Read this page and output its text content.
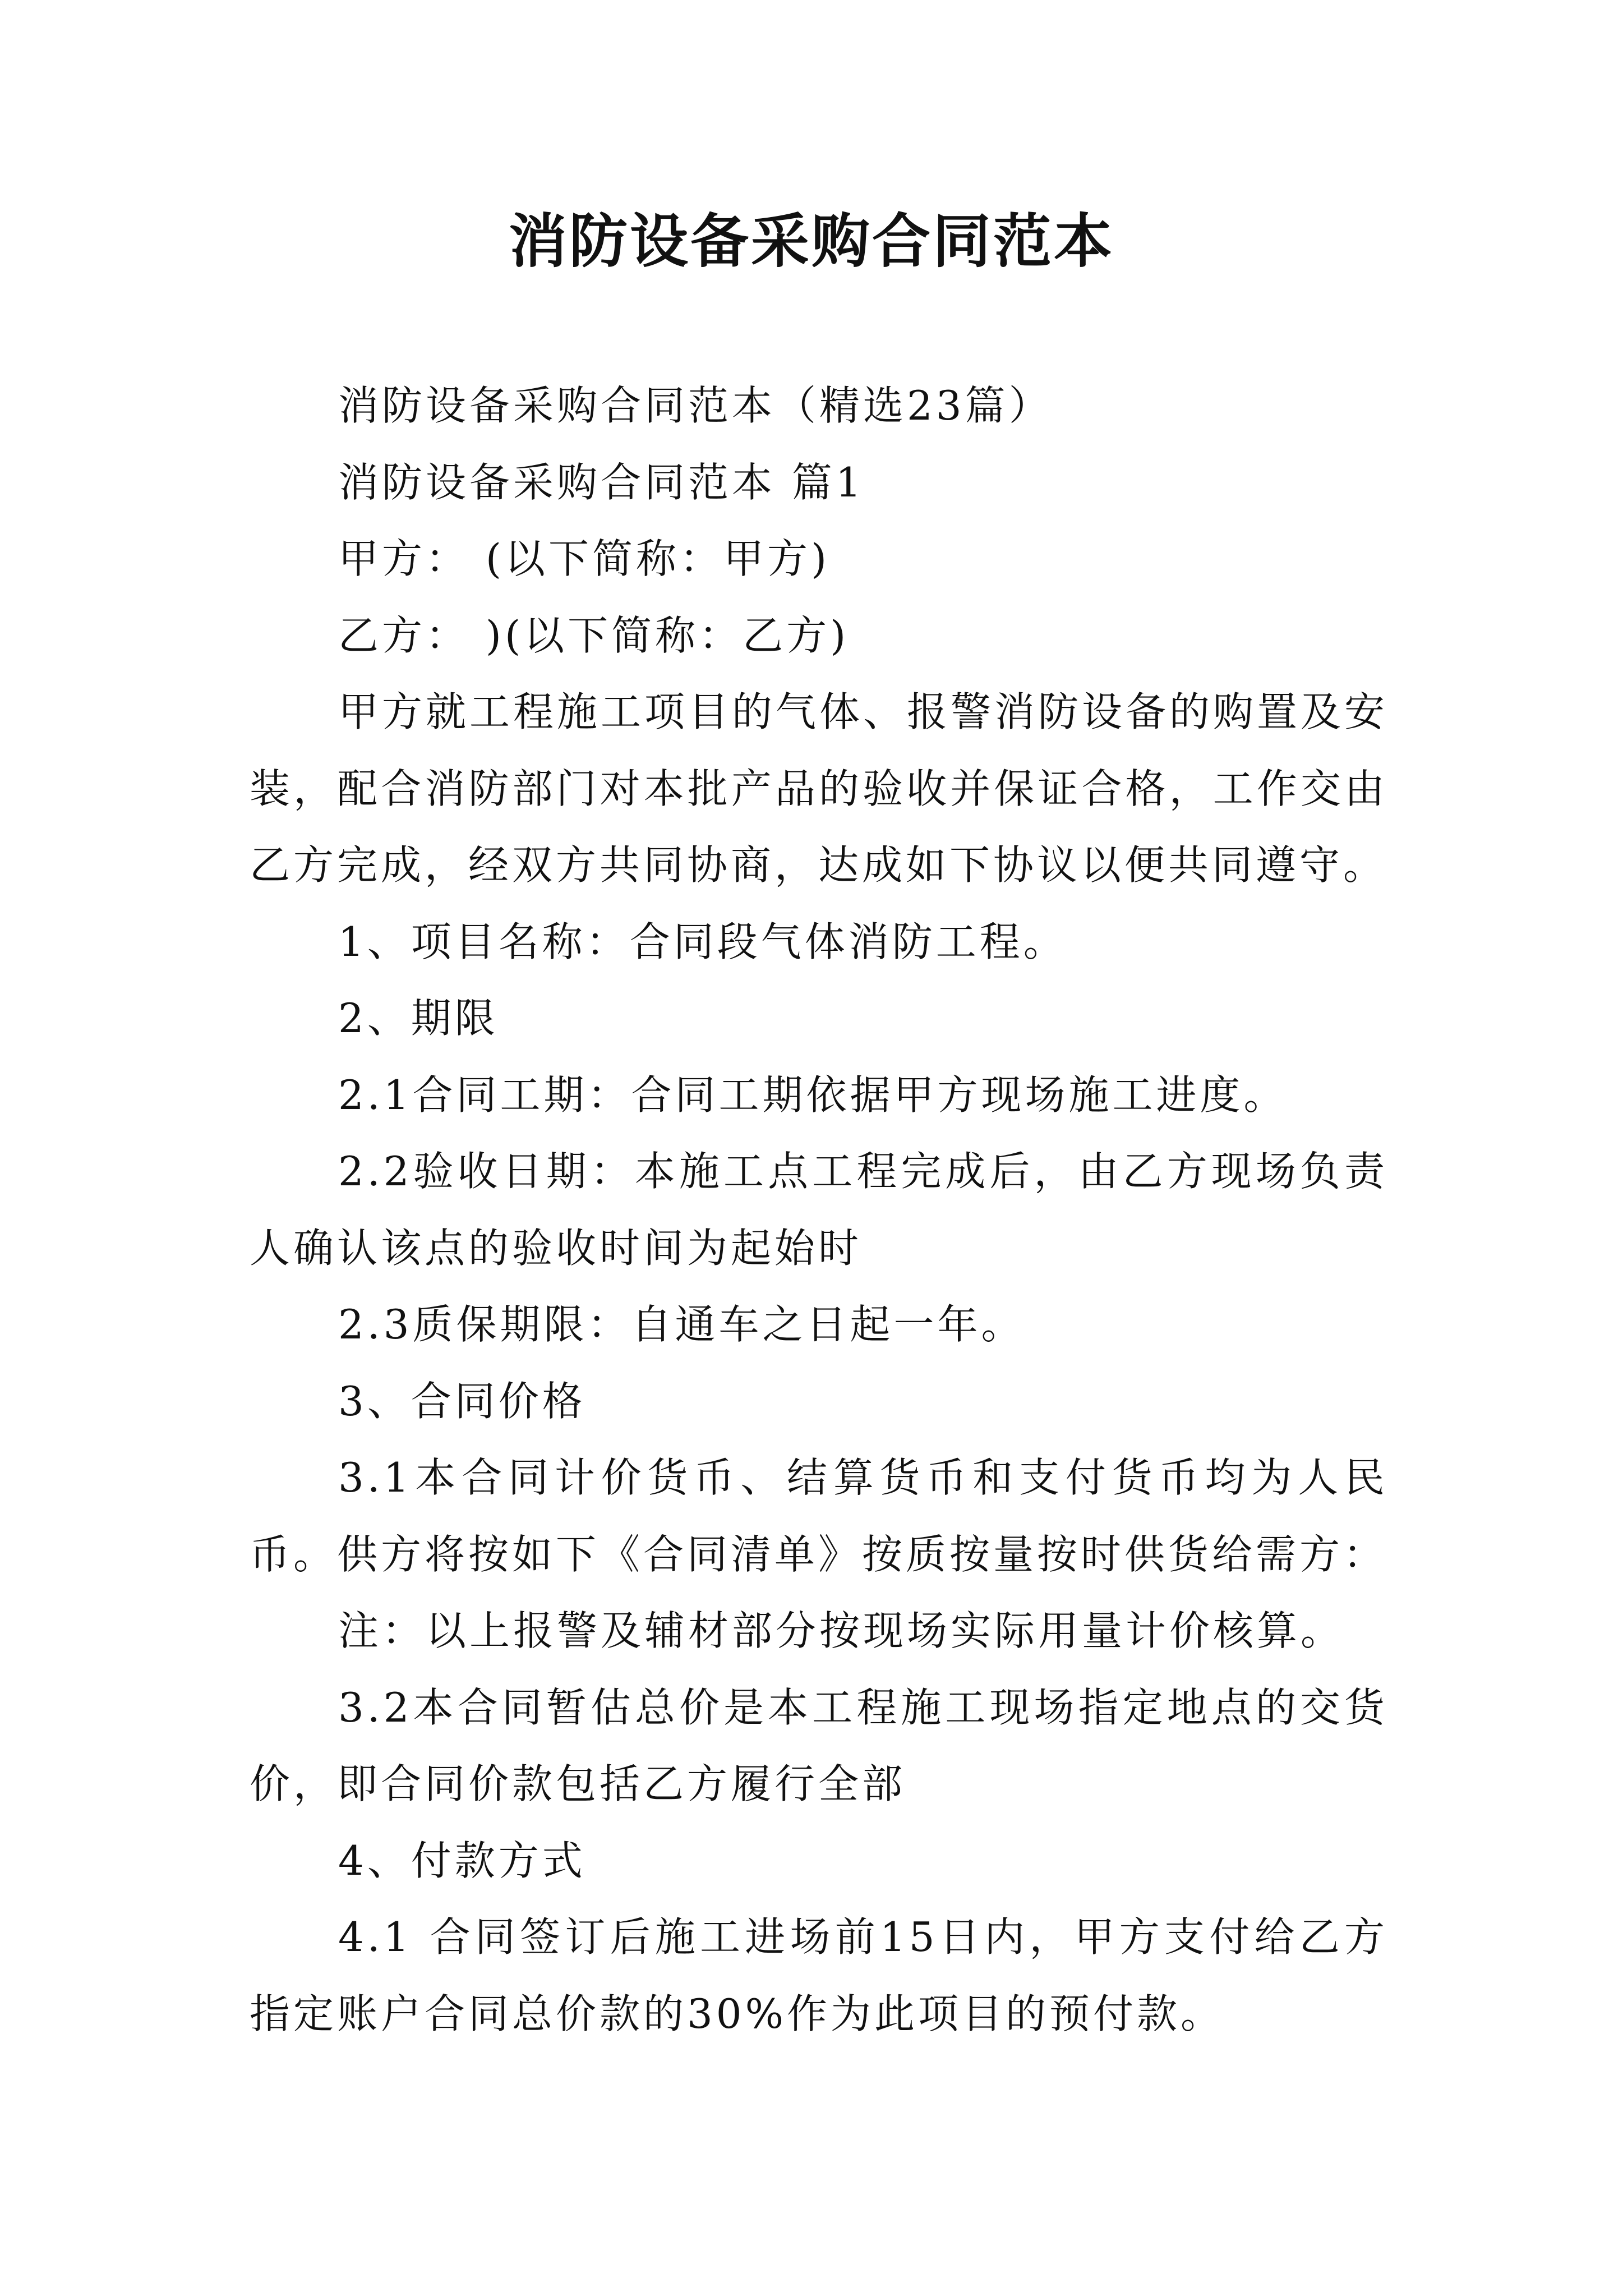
消防设备采购合同范本

消防设备采购合同范本（精选23篇）

消防设备采购合同范本 篇1

甲方： (以下简称：甲方)

乙方： )(以下简称：乙方)

甲方就工程施工项目的气体、报警消防设备的购置及安装，配合消防部门对本批产品的验收并保证合格，工作交由乙方完成，经双方共同协商，达成如下协议以便共同遵守。

1、项目名称：合同段气体消防工程。

2、期限

2.1合同工期：合同工期依据甲方现场施工进度。

2.2验收日期：本施工点工程完成后，由乙方现场负责人确认该点的验收时间为起始时

2.3质保期限：自通车之日起一年。

3、合同价格

3.1本合同计价货币、结算货币和支付货币均为人民币。供方将按如下《合同清单》按质按量按时供货给需方：

注：以上报警及辅材部分按现场实际用量计价核算。

3.2本合同暂估总价是本工程施工现场指定地点的交货价，即合同价款包括乙方履行全部

4、付款方式

4.1 合同签订后施工进场前15日内，甲方支付给乙方指定账户合同总价款的30%作为此项目的预付款。
